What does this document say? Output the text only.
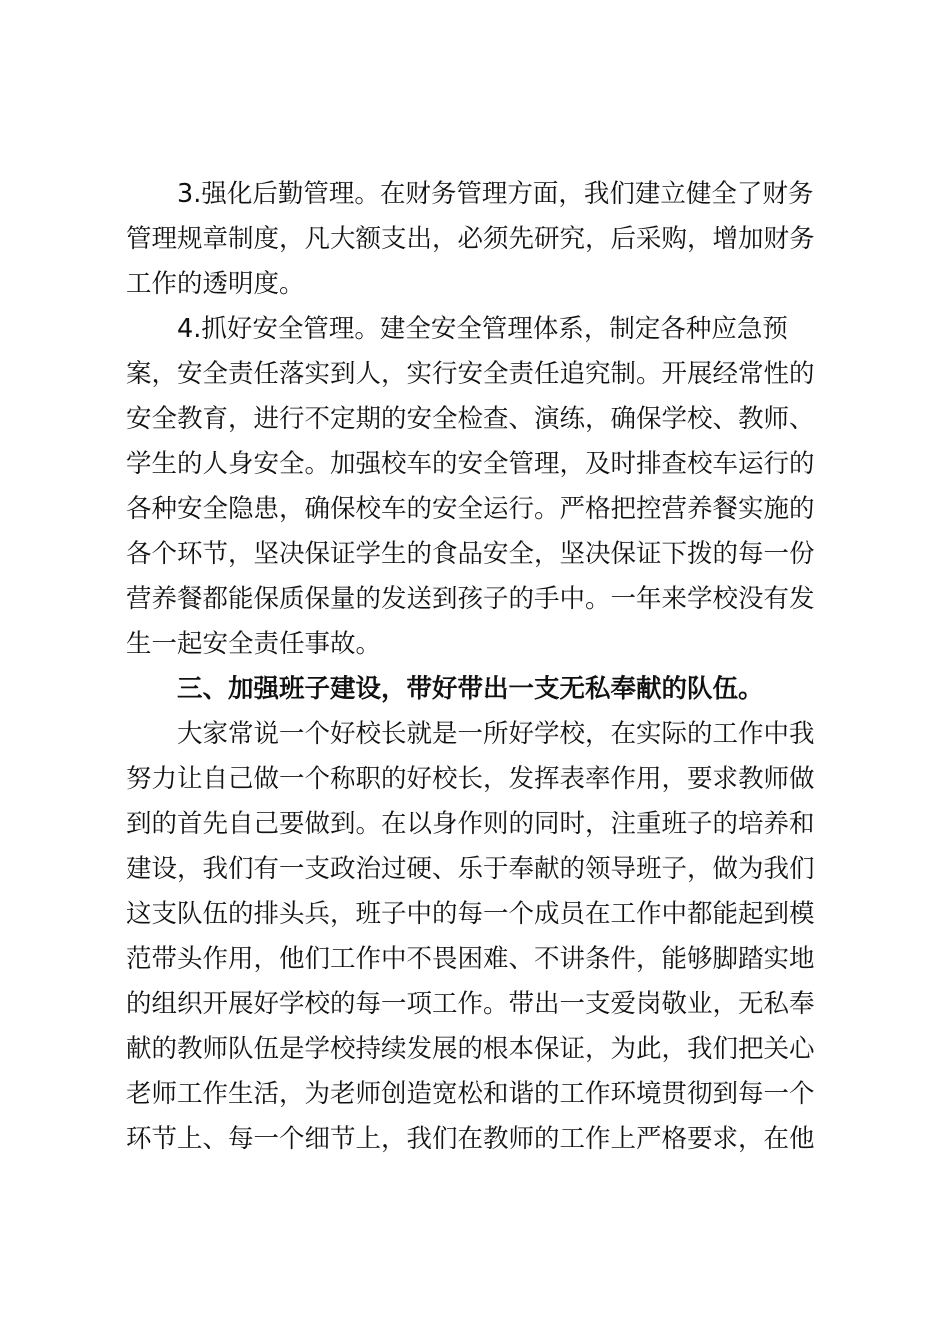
3.强化后勤管理。在财务管理方面，我们建立健全了财务
管理规章制度，凡大额支出，必须先研究，后采购，增加财务
工作的透明度。
4.抓好安全管理。建全安全管理体系，制定各种应急预
案，安全责任落实到人，实行安全责任追究制。开展经常性的
安全教育，进行不定期的安全检查、演练，确保学校、教师、
学生的人身安全。加强校车的安全管理，及时排查校车运行的
各种安全隐患，确保校车的安全运行。严格把控营养餐实施的
各个环节，坚决保证学生的食品安全，坚决保证下拨的每一份
营养餐都能保质保量的发送到孩子的手中。一年来学校没有发
生一起安全责任事故。
三、加强班子建设，带好带出一支无私奉献的队伍。
大家常说一个好校长就是一所好学校，在实际的工作中我
努力让自己做一个称职的好校长，发挥表率作用，要求教师做
到的首先自己要做到。在以身作则的同时，注重班子的培养和
建设，我们有一支政治过硬、乐于奉献的领导班子，做为我们
这支队伍的排头兵，班子中的每一个成员在工作中都能起到模
范带头作用，他们工作中不畏困难、不讲条件，能够脚踏实地
的组织开展好学校的每一项工作。带出一支爱岗敬业，无私奉
献的教师队伍是学校持续发展的根本保证，为此，我们把关心
老师工作生活，为老师创造宽松和谐的工作环境贯彻到每一个
环节上、每一个细节上，我们在教师的工作上严格要求，在他
